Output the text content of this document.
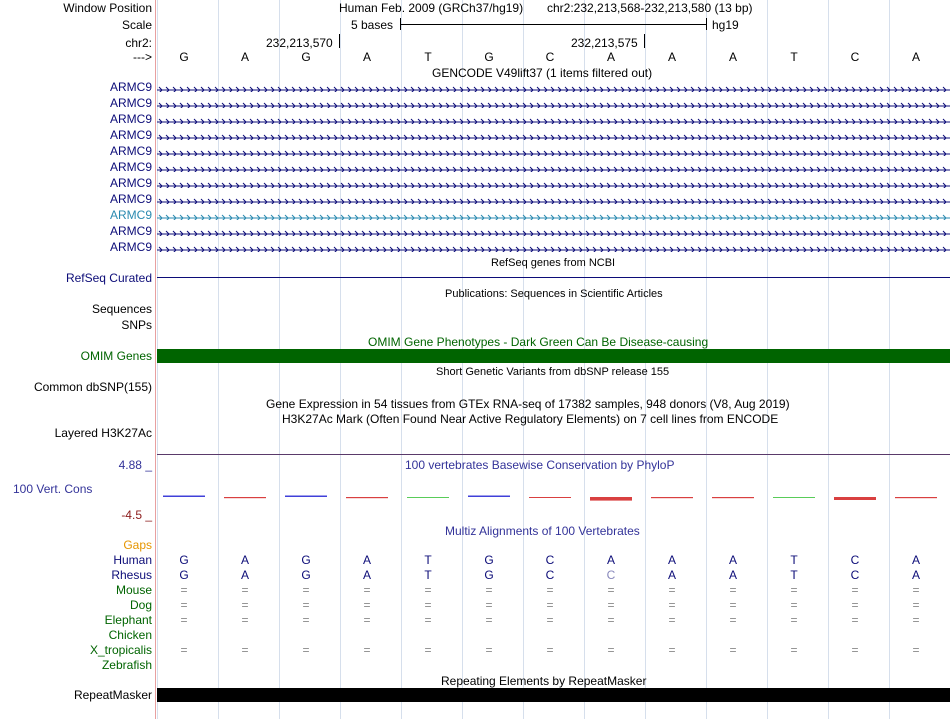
Window Position	Human Feb. 2009 (GRCh37/hg19) chr2:232,213,568-232,213,580 (13 bp)
Scale	5 bases	hg19
chr2:	232,213,570	232,213,575
--->	G	A	G	A	T	G	C	A	A	A	T	C	A
GENCODE V49lift37 (1 items filtered out)
ARMC9
ARMC9
ARMC9
ARMC9
ARMC9
ARMC9
ARMC9
ARMC9
ARMC9
ARMC9
ARMC9
RefSeq genes from NCBI
RefSeq Curated
Publications: Sequences in Scientific Articles
Sequences
SNPs
OMIM Gene Phenotypes - Dark Green Can Be Disease-causing
OMIM Genes
Short Genetic Variants from dbSNP release 155
Common dbSNP(155)
Gene Expression in 54 tissues from GTEx RNA-seq of 17382 samples, 948 donors (V8, Aug 2019)
H3K27Ac Mark (Often Found Near Active Regulatory Elements) on 7 cell lines from ENCODE
Layered H3K27Ac
100 vertebrates Basewise Conservation by PhyloP
4.88 _
100 Vert. Cons
-4.5 _
Multiz Alignments of 100 Vertebrates
Gaps
Human	G	A	G	A	T	G	C	A	A	A	T	C	A
Rhesus	G	A	G	A	T	G	C	C	A	A	T	C	A
Mouse	=	=	=	=	=	=	=	=	=	=	=	=	=
Dog	=	=	=	=	=	=	=	=	=	=	=	=	=
Elephant	=	=	=	=	=	=	=	=	=	=	=	=	=
Chicken
X_tropicalis	=	=	=	=	=	=	=	=	=	=	=	=	=
Zebrafish
Repeating Elements by RepeatMasker
RepeatMasker
